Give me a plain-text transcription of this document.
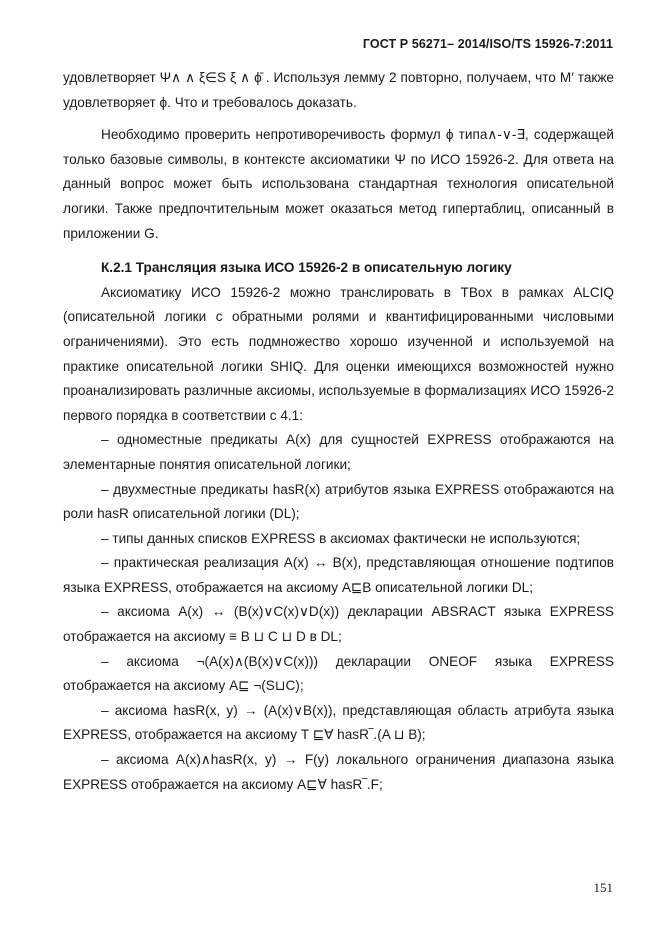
ГОСТ Р 56271– 2014/ISO/TS 15926-7:2011

удовлетворяет Ψ∧ ∧ ξ∈S ξ ∧ ϕ̄ . Используя лемму 2 повторно, получаем, что M′ также удовлетворяет ϕ. Что и требовалось доказать.

Необходимо проверить непротиворечивость формул ϕ типа∧-∨-∃, содержащей только базовые символы, в контексте аксиоматики Ψ по ИСО 15926-2. Для ответа на данный вопрос может быть использована стандартная технология описательной логики. Также предпочтительным может оказаться метод гипертаблиц, описанный в приложении G.

К.2.1 Трансляция языка ИСО 15926-2 в описательную логику

Аксиоматику ИСО 15926-2 можно транслировать в TBox в рамках ALCIQ (описательной логики с обратными ролями и квантифицированными числовыми ограничениями). Это есть подмножество хорошо изученной и используемой на практике описательной логики SHIQ. Для оценки имеющихся возможностей нужно проанализировать различные аксиомы, используемые в формализациях ИСО 15926-2 первого порядка в соответствии с 4.1:

– одноместные предикаты A(x) для сущностей EXPRESS отображаются на элементарные понятия описательной логики;

– двухместные предикаты hasR(x) атрибутов языка EXPRESS отображаются на роли hasR описательной логики (DL);

– типы данных списков EXPRESS в аксиомах фактически не используются;

– практическая реализация A(x) ↔ B(x), представляющая отношение подтипов языка EXPRESS, отображается на аксиому A⊑B описательной логики DL;

– аксиома A(x) ↔ (B(x)∨C(x)∨D(x)) декларации ABSRACT языка EXPRESS отображается на аксиому ≡ B ⊔ C ⊔ D в DL;

– аксиома ¬(A(x)∧(B(x)∨C(x))) декларации ONEOF языка EXPRESS отображается на аксиому A⊑ ¬(S⊔C);

– аксиома hasR(x, y) → (A(x)∨B(x)), представляющая область атрибута языка EXPRESS, отображается на аксиому T ⊑∀ hasR‾.(A ⊔ B);

– аксиома A(x)∧hasR(x, y) → F(y) локального ограничения диапазона языка EXPRESS отображается на аксиому A⊑∀ hasR‾.F;

151
